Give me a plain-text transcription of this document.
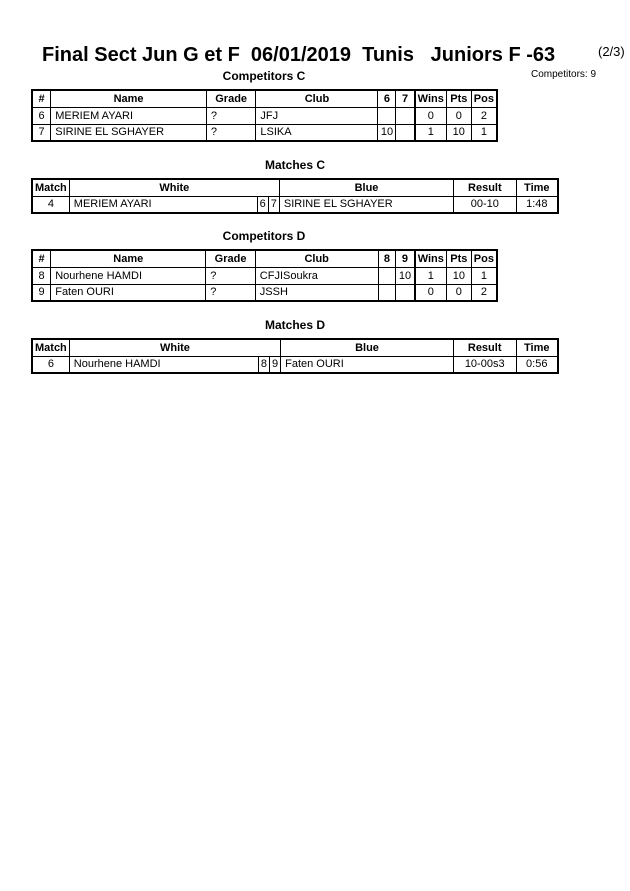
Final Sect Jun G et F  06/01/2019  Tunis   Juniors F -63	(2/3)
Competitors: 9
Competitors C
#	Name	Grade	Club	6	7	Wins	Pts	Pos
6	MERIEM AYARI	?	JFJ			0	0	2
7	SIRINE EL SGHAYER	?	LSIKA	10		1	10	1
Matches C
Match	White			Blue	Result	Time
4	MERIEM AYARI	6	7	SIRINE EL SGHAYER	00-10	1:48
Competitors D
#	Name	Grade	Club	8	9	Wins	Pts	Pos
8	Nourhene HAMDI	?	CFJISoukra		10	1	10	1
9	Faten OURI	?	JSSH			0	0	2
Matches D
Match	White			Blue	Result	Time
6	Nourhene HAMDI	8	9	Faten OURI	10-00s3	0:56
